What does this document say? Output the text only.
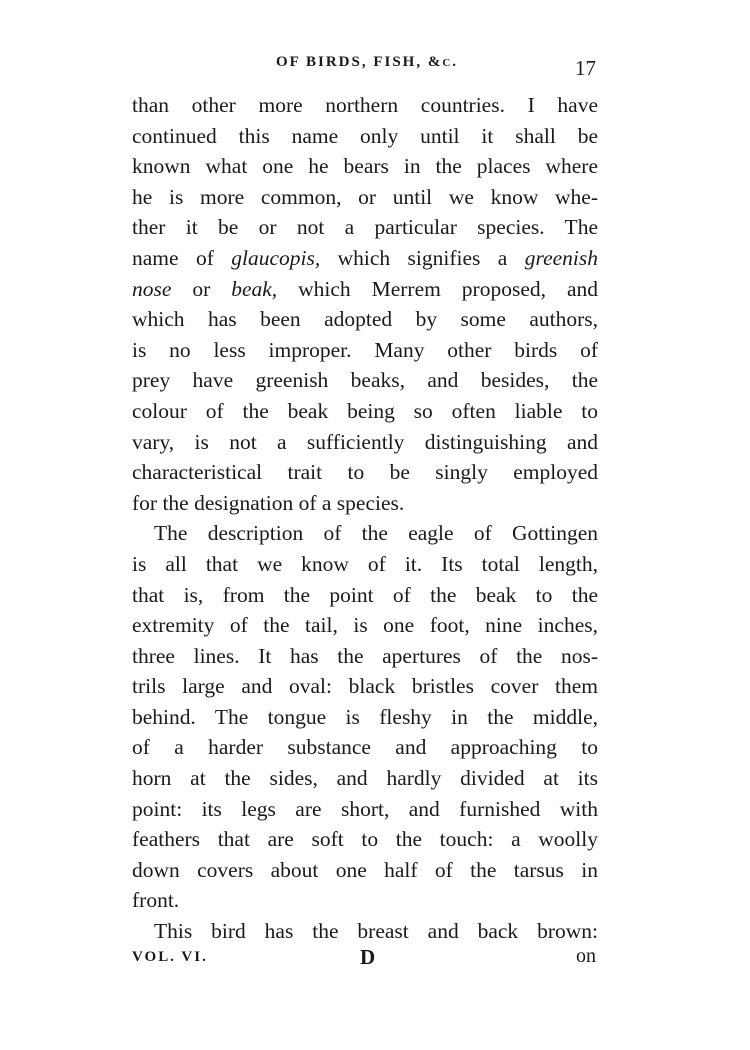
OF BIRDS, FISH, &c.	17
than other more northern countries. I have
continued this name only until it shall be
known what one he bears in the places where
he is more common, or until we know whe-
ther it be or not a particular species. The
name of glaucopis, which signifies a greenish
nose or beak, which Merrem proposed, and
which has been adopted by some authors,
is no less improper. Many other birds of
prey have greenish beaks, and besides, the
colour of the beak being so often liable to
vary, is not a sufficiently distinguishing and
characteristical trait to be singly employed
for the designation of a species.
The description of the eagle of Gottingen
is all that we know of it. Its total length,
that is, from the point of the beak to the
extremity of the tail, is one foot, nine inches,
three lines. It has the apertures of the nos-
trils large and oval: black bristles cover them
behind. The tongue is fleshy in the middle,
of a harder substance and approaching to
horn at the sides, and hardly divided at its
point: its legs are short, and furnished with
feathers that are soft to the touch: a woolly
down covers about one half of the tarsus in
front.
This bird has the breast and back brown:
VOL. VI.	D	on
